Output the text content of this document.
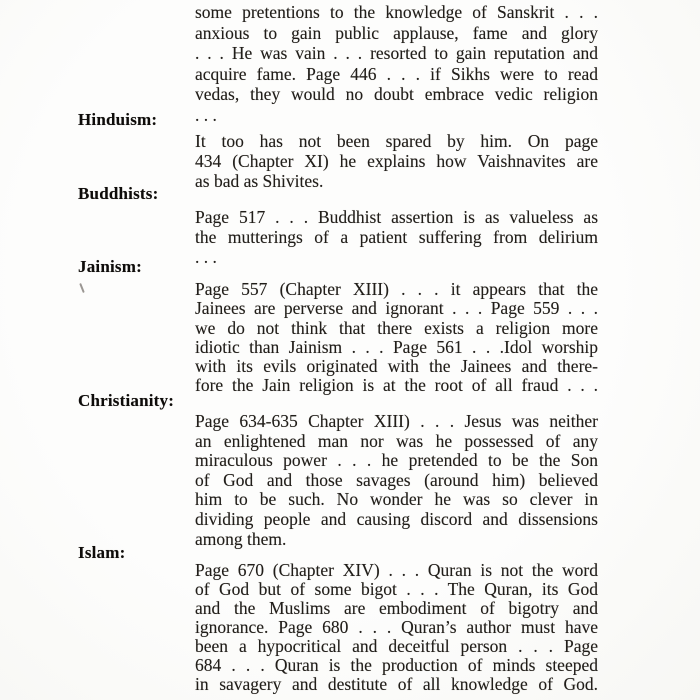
Hinduism:
Buddhists:
Jainism:
Christianity:
Islam:
some pretentions to the knowledge of Sanskrit . . .
anxious to gain public applause, fame and glory
. . . He was vain . . . resorted to gain reputation and
acquire fame. Page 446 . . . if Sikhs were to read
vedas, they would no doubt embrace vedic religion
. . .
It too has not been spared by him. On page
434 (Chapter XI) he explains how Vaishnavites are
as bad as Shivites.
Page 517 . . . Buddhist assertion is as valueless as
the mutterings of a patient suffering from delirium
. . .
Page 557 (Chapter XIII) . . . it appears that the
Jainees are perverse and ignorant . . . Page 559 . . .
we do not think that there exists a religion more
idiotic than Jainism . . . Page 561 . . .Idol worship
with its evils originated with the Jainees and there-
fore the Jain religion is at the root of all fraud . . .
Page 634-635 Chapter XIII) . . . Jesus was neither
an enlightened man nor was he possessed of any
miraculous power . . . he pretended to be the Son
of God and those savages (around him) believed
him to be such. No wonder he was so clever in
dividing people and causing discord and dissensions
among them.
Page 670 (Chapter XIV) . . . Quran is not the word
of God but of some bigot . . . The Quran, its God
and the Muslims are embodiment of bigotry and
ignorance. Page 680 . . . Quran’s author must have
been a hypocritical and deceitful person . . . Page
684 . . . Quran is the production of minds steeped
in savagery and destitute of all knowledge of God.
